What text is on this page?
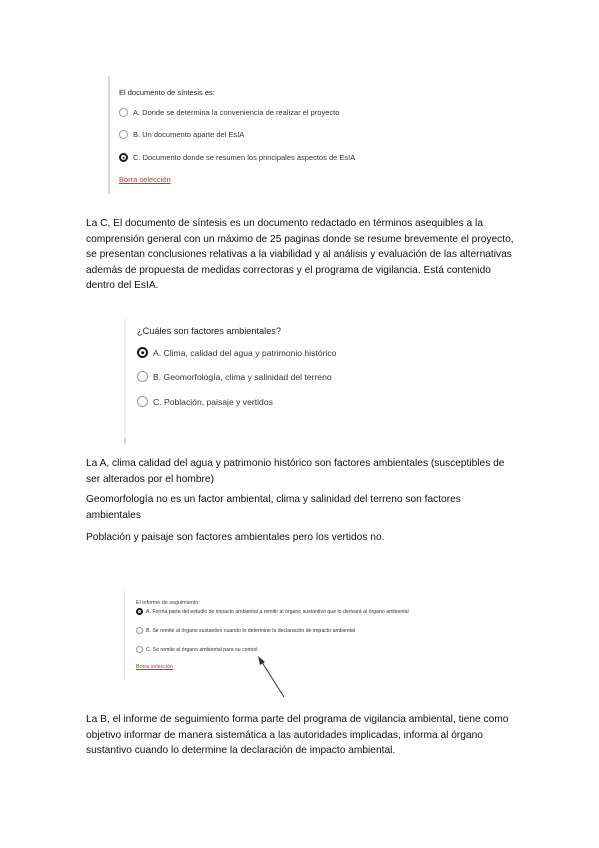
El documento de síntesis es:
A. Donde se determina la conveniencia de realizar el proyecto
B. Un documento aparte del EsIA
C. Documento donde se resumen los principales aspectos de EsIA
Borra selección

La C, El documento de síntesis es un documento redactado en términos asequibles a la comprensión general con un máximo de 25 paginas donde se resume brevemente el proyecto, se presentan conclusiones relativas a la viabilidad y al análisis y evaluación de las alternativas además de propuesta de medidas correctoras y el programa de vigilancia. Está contenido dentro del EsIA.

¿Cuáles son factores ambientales?
A. Clima, calidad del agua y patrimonio histórico
B. Geomorfología, clima y salinidad del terreno
C. Población, paisaje y vertidos

La A, clima calidad del agua y patrimonio histórico son factores ambientales (susceptibles de ser alterados por el hombre)

Geomorfología no es un factor ambiental, clima y salinidad del terreno son factores ambientales

Población y paisaje son factores ambientales pero los vertidos no.

El informe de seguimiento:
A. Forma parte del estudio de impacto ambiental a remitir al órgano sustantivo que lo derivará al órgano ambiental
B. Se remite al órgano sustantivo cuando lo determine la declaración de impacto ambiental
C. Se remite al órgano ambiental para su control
Borra selección

La B, el informe de seguimiento forma parte del programa de vigilancia ambiental, tiene como objetivo informar de manera sistemática a las autoridades implicadas, informa al órgano sustantivo cuando lo determine la declaración de impacto ambiental.
